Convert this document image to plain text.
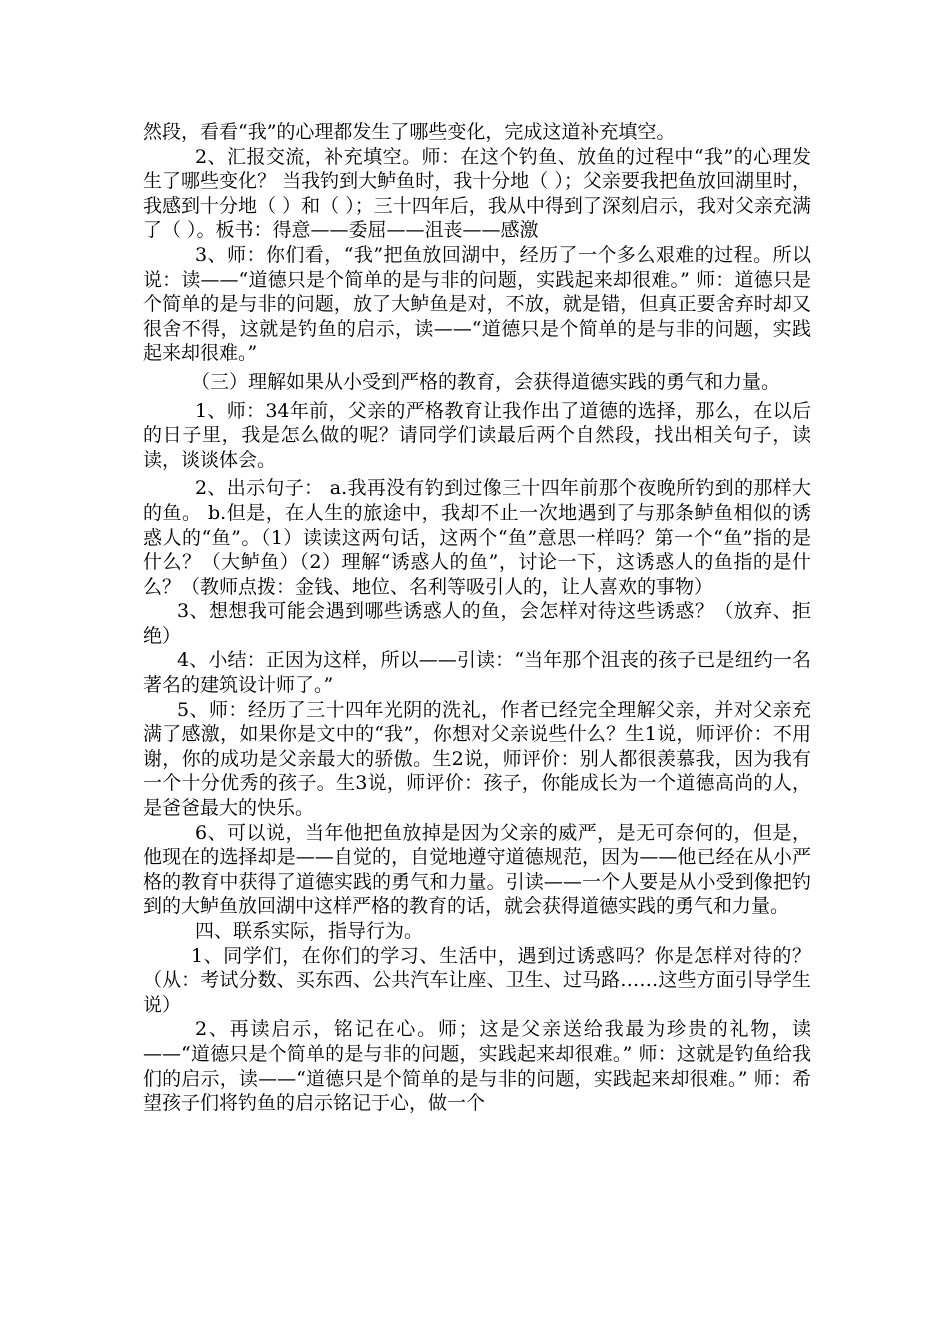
然段，看看“我”的心理都发生了哪些变化，完成这道补充填空。

2、汇报交流，补充填空。师：在这个钓鱼、放鱼的过程中“我”的心理发生了哪些变化？ 当我钓到大鲈鱼时，我十分地（ ）；父亲要我把鱼放回湖里时，我感到十分地（ ）和（ ）；三十四年后，我从中得到了深刻启示，我对父亲充满了（ ）。板书：得意——委屈——沮丧——感激

3、师：你们看，“我”把鱼放回湖中，经历了一个多么艰难的过程。所以说：读——“道德只是个简单的是与非的问题，实践起来却很难。” 师：道德只是个简单的是与非的问题，放了大鲈鱼是对，不放，就是错，但真正要舍弃时却又很舍不得，这就是钓鱼的启示，读——“道德只是个简单的是与非的问题，实践起来却很难。”

（三）理解如果从小受到严格的教育，会获得道德实践的勇气和力量。

1、师：34年前，父亲的严格教育让我作出了道德的选择，那么，在以后的日子里，我是怎么做的呢？请同学们读最后两个自然段，找出相关句子，读读，谈谈体会。

2、出示句子： a.我再没有钓到过像三十四年前那个夜晚所钓到的那样大的鱼。 b.但是，在人生的旅途中，我却不止一次地遇到了与那条鲈鱼相似的诱惑人的“鱼”。（1）读读这两句话，这两个“鱼”意思一样吗？第一个“鱼”指的是什么？（大鲈鱼）（2）理解“诱惑人的鱼”，讨论一下，这诱惑人的鱼指的是什么？（教师点拨：金钱、地位、名利等吸引人的，让人喜欢的事物）

3、想想我可能会遇到哪些诱惑人的鱼，会怎样对待这些诱惑？（放弃、拒绝）

4、小结：正因为这样，所以——引读：“当年那个沮丧的孩子已是纽约一名著名的建筑设计师了。”

5、师：经历了三十四年光阴的洗礼，作者已经完全理解父亲，并对父亲充满了感激，如果你是文中的“我”，你想对父亲说些什么？生1说，师评价：不用谢，你的成功是父亲最大的骄傲。生2说，师评价：别人都很羡慕我，因为我有一个十分优秀的孩子。生3说，师评价：孩子，你能成长为一个道德高尚的人，是爸爸最大的快乐。

6、可以说，当年他把鱼放掉是因为父亲的威严，是无可奈何的，但是，他现在的选择却是——自觉的，自觉地遵守道德规范，因为——他已经在从小严格的教育中获得了道德实践的勇气和力量。引读——一个人要是从小受到像把钓到的大鲈鱼放回湖中这样严格的教育的话，就会获得道德实践的勇气和力量。

四、联系实际，指导行为。

1、同学们，在你们的学习、生活中，遇到过诱惑吗？你是怎样对待的？（从：考试分数、买东西、公共汽车让座、卫生、过马路……这些方面引导学生说）

2、再读启示，铭记在心。师；这是父亲送给我最为珍贵的礼物，读——“道德只是个简单的是与非的问题，实践起来却很难。” 师：这就是钓鱼给我们的启示，读——“道德只是个简单的是与非的问题，实践起来却很难。” 师：希望孩子们将钓鱼的启示铭记于心，做一个
